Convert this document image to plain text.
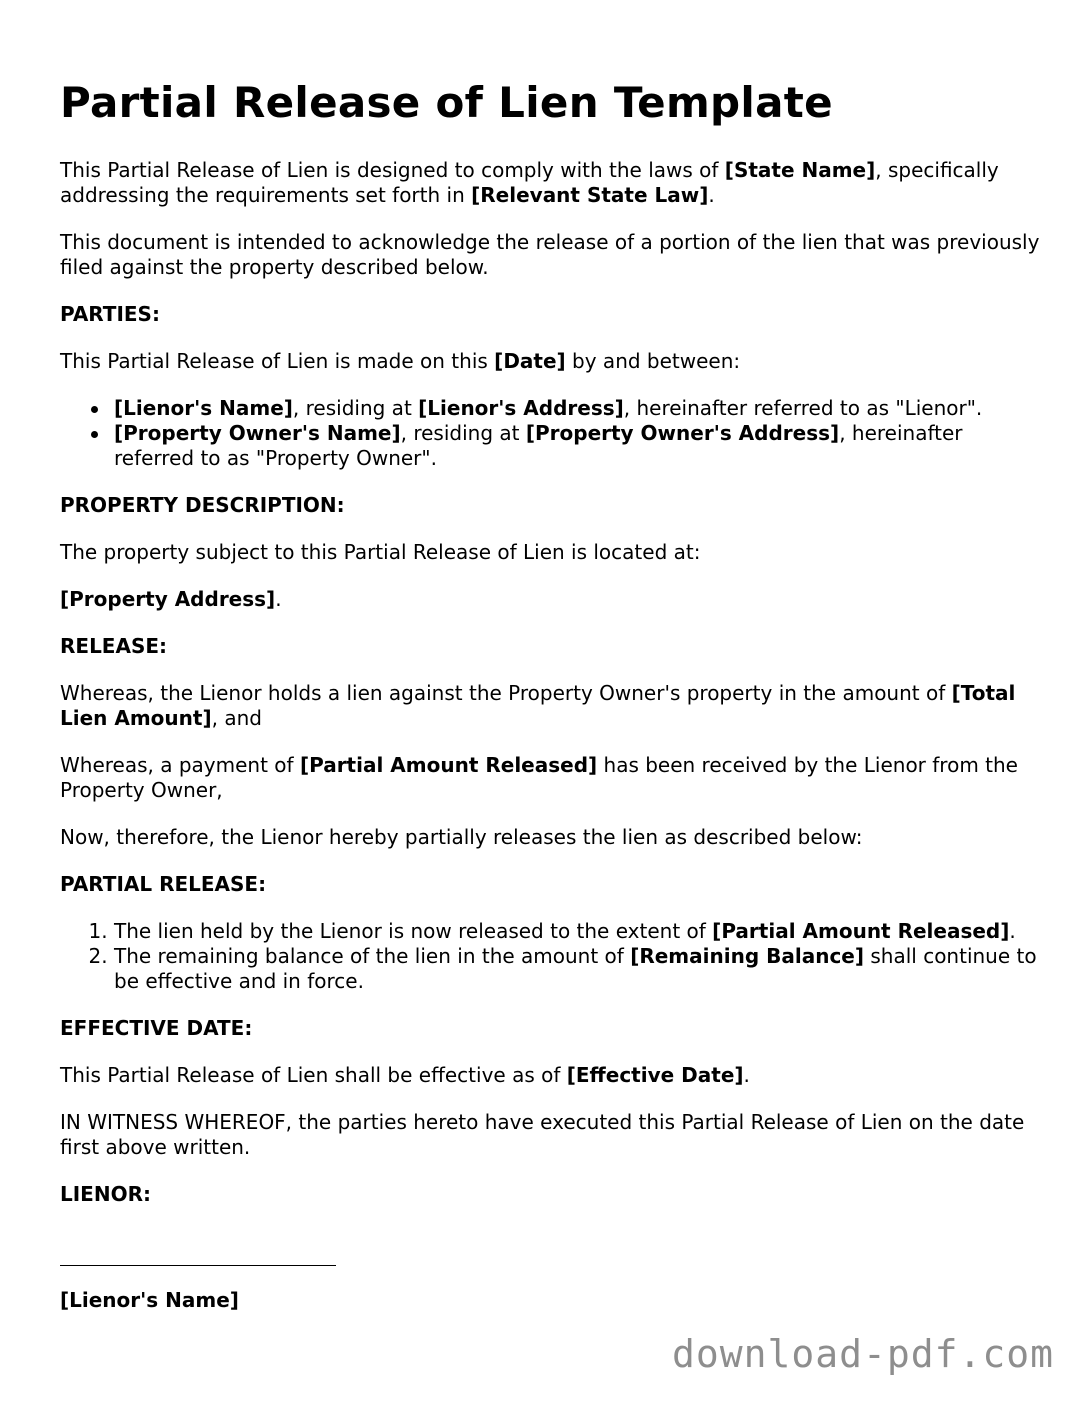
Partial Release of Lien Template

This Partial Release of Lien is designed to comply with the laws of [State Name], specifically addressing the requirements set forth in [Relevant State Law].

This document is intended to acknowledge the release of a portion of the lien that was previously filed against the property described below.

PARTIES:

This Partial Release of Lien is made on this [Date] by and between:

[Lienor's Name], residing at [Lienor's Address], hereinafter referred to as "Lienor".
[Property Owner's Name], residing at [Property Owner's Address], hereinafter referred to as "Property Owner".

PROPERTY DESCRIPTION:

The property subject to this Partial Release of Lien is located at:

[Property Address].

RELEASE:

Whereas, the Lienor holds a lien against the Property Owner's property in the amount of [Total Lien Amount], and

Whereas, a payment of [Partial Amount Released] has been received by the Lienor from the Property Owner,

Now, therefore, the Lienor hereby partially releases the lien as described below:

PARTIAL RELEASE:

1. The lien held by the Lienor is now released to the extent of [Partial Amount Released].
2. The remaining balance of the lien in the amount of [Remaining Balance] shall continue to be effective and in force.

EFFECTIVE DATE:

This Partial Release of Lien shall be effective as of [Effective Date].

IN WITNESS WHEREOF, the parties hereto have executed this Partial Release of Lien on the date first above written.

LIENOR:

[Lienor's Name]

download-pdf.com
